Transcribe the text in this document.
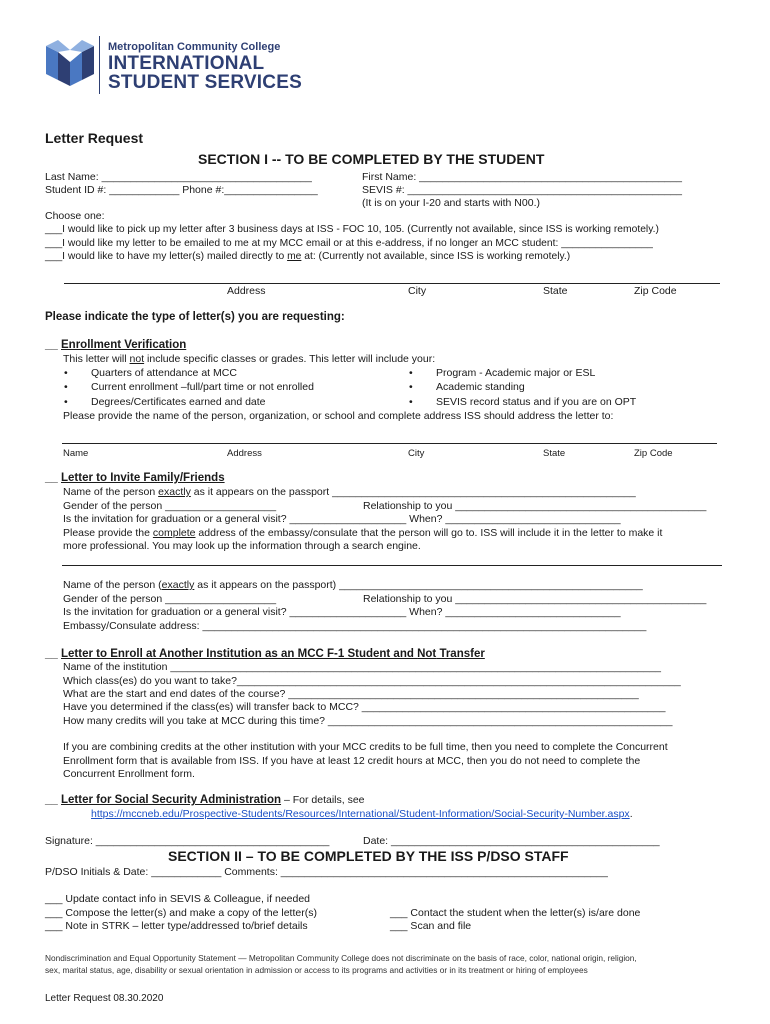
Metropolitan Community College
INTERNATIONAL
STUDENT SERVICES
Letter Request
SECTION I -- TO BE COMPLETED BY THE STUDENT
Last Name: ____________________________________	First Name: _____________________________________________
Student ID #: ____________ Phone #:________________	SEVIS #: _______________________________________________
(It is on your I-20 and starts with N00.)
Choose one:
___I would like to pick up my letter after 3 business days at ISS - FOC 10, 105. (Currently not available, since ISS is working remotely.)
___I would like my letter to be emailed to me at my MCC email or at this e-address, if no longer an MCC student: ________________
___I would like to have my letter(s) mailed directly to me at: (Currently not available, since ISS is working remotely.)
Address	City	State	Zip Code
Please indicate the type of letter(s) you are requesting:
__ Enrollment Verification
This letter will not include specific classes or grades. This letter will include your:
• Quarters of attendance at MCC
• Current enrollment –full/part time or not enrolled
• Degrees/Certificates earned and date
• Program - Academic major or ESL
• Academic standing
• SEVIS record status and if you are on OPT
Please provide the name of the person, organization, or school and complete address ISS should address the letter to:
Name	Address	City	State	Zip Code
__ Letter to Invite Family/Friends
Name of the person exactly as it appears on the passport ____________________________________________________
Gender of the person ___________________	Relationship to you ___________________________________________
Is the invitation for graduation or a general visit? ____________________ When? ______________________________
Please provide the complete address of the embassy/consulate that the person will go to. ISS will include it in the letter to make it
more professional. You may look up the information through a search engine.
Name of the person (exactly as it appears on the passport) ____________________________________________________
Gender of the person ___________________	Relationship to you ___________________________________________
Is the invitation for graduation or a general visit? ____________________ When? ______________________________
Embassy/Consulate address: ____________________________________________________________________________
__ Letter to Enroll at Another Institution as an MCC F-1 Student and Not Transfer
Name of the institution ____________________________________________________________________________________
Which class(es) do you want to take?____________________________________________________________________________
What are the start and end dates of the course? ____________________________________________________________
Have you determined if the class(es) will transfer back to MCC? ____________________________________________________
How many credits will you take at MCC during this time? ___________________________________________________________
If you are combining credits at the other institution with your MCC credits to be full time, then you need to complete the Concurrent
Enrollment form that is available from ISS. If you have at least 12 credit hours at MCC, then you do not need to complete the
Concurrent Enrollment form.
__ Letter for Social Security Administration – For details, see
https://mccneb.edu/Prospective-Students/Resources/International/Student-Information/Social-Security-Number.aspx.
Signature: ________________________________________	Date: ______________________________________________
SECTION II – TO BE COMPLETED BY THE ISS P/DSO STAFF
P/DSO Initials & Date: ____________ Comments: ________________________________________________________
___ Update contact info in SEVIS & Colleague, if needed
___ Compose the letter(s) and make a copy of the letter(s)
___ Note in STRK – letter type/addressed to/brief details
___ Contact the student when the letter(s) is/are done
___ Scan and file
Nondiscrimination and Equal Opportunity Statement — Metropolitan Community College does not discriminate on the basis of race, color, national origin, religion,
sex, marital status, age, disability or sexual orientation in admission or access to its programs and activities or in its treatment or hiring of employees
Letter Request 08.30.2020
